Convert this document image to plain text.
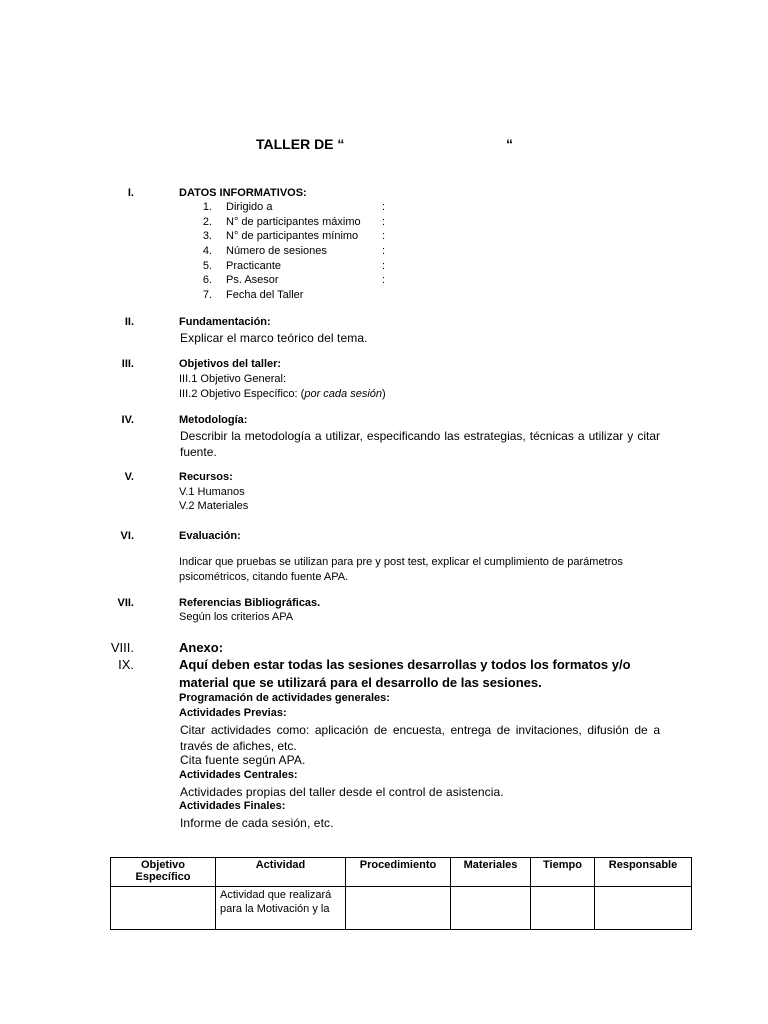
TALLER DE “	“
I.	DATOS INFORMATIVOS:
1. Dirigido a	:
2. N° de participantes máximo :
3. N° de participantes mínimo :
4. Número de sesiones	:
5. Practicante	:
6. Ps. Asesor	:
7. Fecha del Taller
II.	Fundamentación:
Explicar el marco teórico del tema.
III.	Objetivos del taller:
III.1 Objetivo General:
III.2 Objetivo Específico: (por cada sesión)
IV.	Metodología:
Describir la metodología a utilizar, especificando las estrategias, técnicas a utilizar y citar fuente.
V.	Recursos:
V.1 Humanos
V.2 Materiales
VI.	Evaluación:
Indicar que pruebas se utilizan para pre y post test, explicar el cumplimiento de parámetros psicométricos, citando fuente APA.
VII.	Referencias Bibliográficas.
Según los criterios APA
VIII.	Anexo:
IX.	Aquí deben estar todas las sesiones desarrollas y todos los formatos y/o material que se utilizará para el desarrollo de las sesiones.
Programación de actividades generales:
Actividades Previas:
Citar actividades como: aplicación de encuesta, entrega de invitaciones, difusión de a través de afiches, etc.
Cita fuente según APA.
Actividades Centrales:
Actividades propias del taller desde el control de asistencia.
Actividades Finales:
Informe de cada sesión, etc.
Objetivo Específico	Actividad	Procedimiento	Materiales	Tiempo	Responsable
	Actividad que realizará para la Motivación y la				
